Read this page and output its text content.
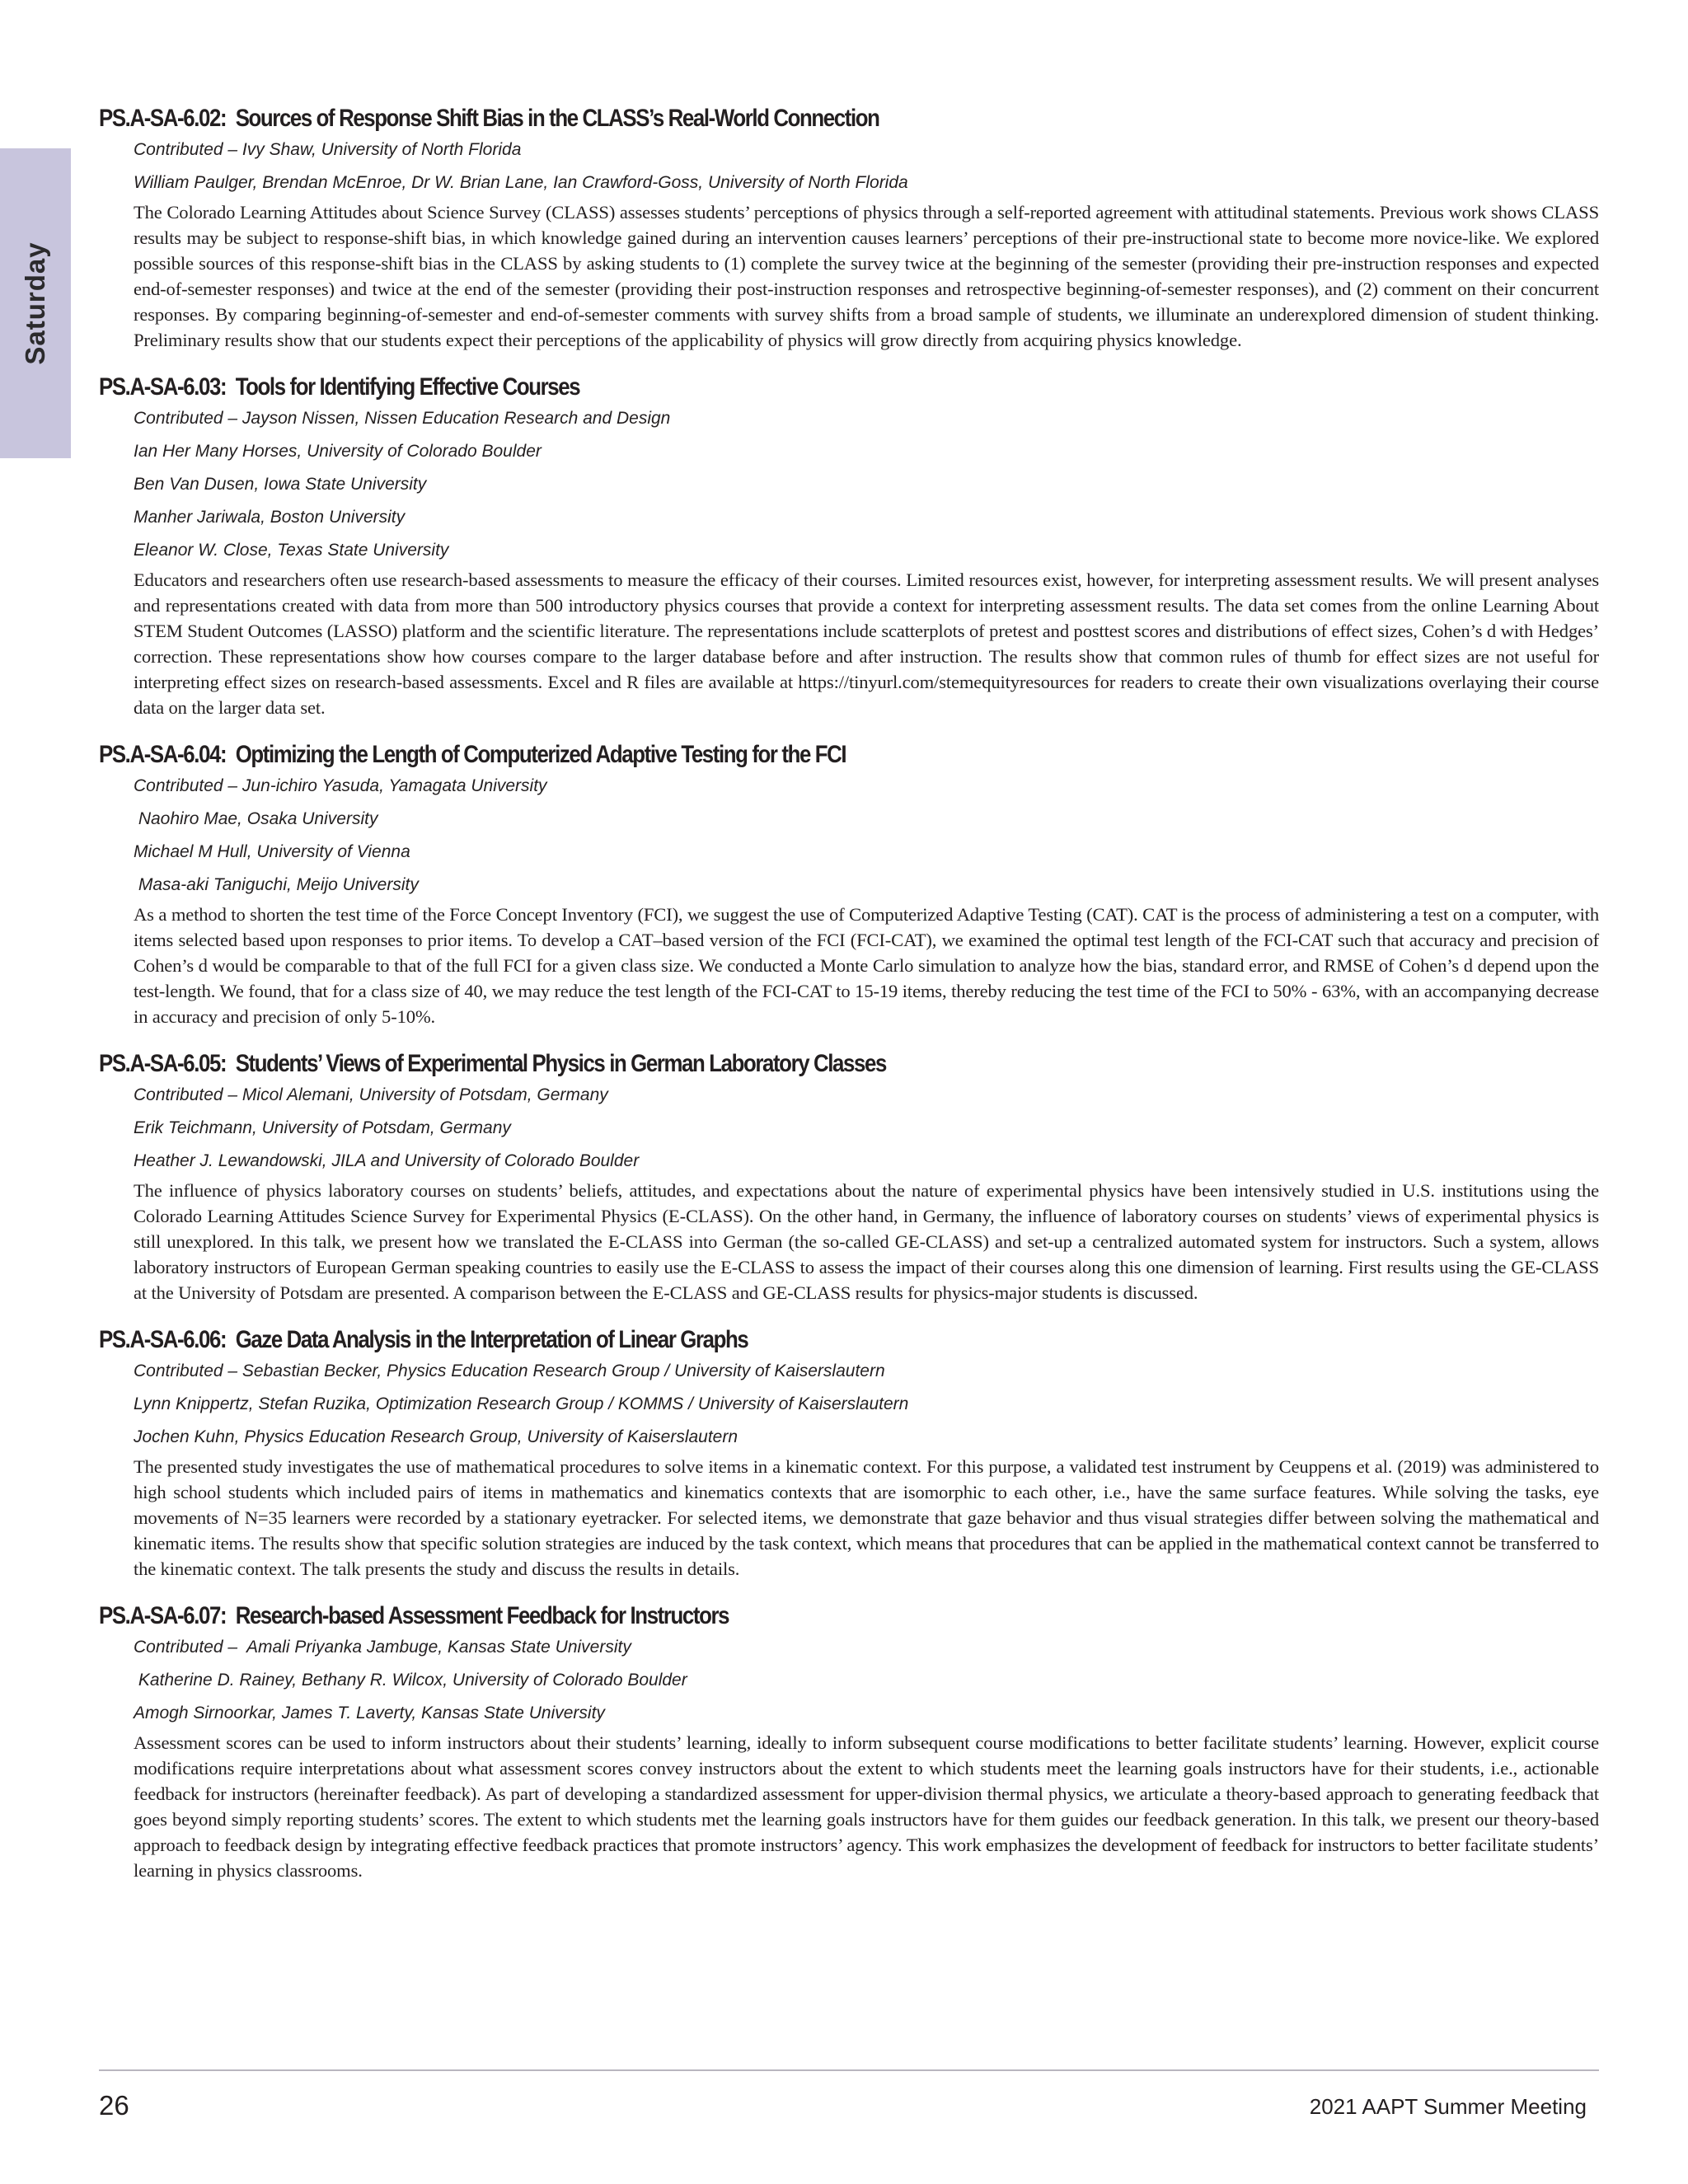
Saturday
PS.A-SA-6.02:  Sources of Response Shift Bias in the CLASS’s Real-World Connection
Contributed – Ivy Shaw, University of North Florida
William Paulger, Brendan McEnroe, Dr W. Brian Lane, Ian Crawford-Goss, University of North Florida

The Colorado Learning Attitudes about Science Survey (CLASS) assesses students’ perceptions of physics through a self-reported agreement with attitudinal statements. Previous work shows CLASS results may be subject to response-shift bias, in which knowledge gained during an intervention causes learners’ perceptions of their pre-instructional state to become more novice-like. We explored possible sources of this response-shift bias in the CLASS by asking students to (1) complete the survey twice at the beginning of the semester (providing their pre-instruction responses and expected end-of-semester responses) and twice at the end of the semester (providing their post-instruction responses and retrospective beginning-of-semester responses), and (2) comment on their concurrent responses. By comparing beginning-of-semester and end-of-semester comments with survey shifts from a broad sample of students, we illuminate an underexplored dimension of student thinking. Preliminary results show that our students expect their perceptions of the applicability of physics will grow directly from acquiring physics knowledge.

PS.A-SA-6.03:  Tools for Identifying Effective Courses
Contributed – Jayson Nissen, Nissen Education Research and Design
Ian Her Many Horses, University of Colorado Boulder
Ben Van Dusen, Iowa State University
Manher Jariwala, Boston University
Eleanor W. Close, Texas State University

Educators and researchers often use research-based assessments to measure the efficacy of their courses. Limited resources exist, however, for interpreting assessment results. We will present analyses and representations created with data from more than 500 introductory physics courses that provide a context for interpreting assessment results. The data set comes from the online Learning About STEM Student Outcomes (LASSO) platform and the scientific literature. The representations include scatterplots of pretest and posttest scores and distributions of effect sizes, Cohen’s d with Hedges’ correction. These representations show how courses compare to the larger database before and after instruction. The results show that common rules of thumb for effect sizes are not useful for interpreting effect sizes on research-based assessments. Excel and R files are available at https://tinyurl.com/stemequityresources for readers to create their own visualizations overlaying their course data on the larger data set.

PS.A-SA-6.04:  Optimizing the Length of Computerized Adaptive Testing for the FCI
Contributed – Jun-ichiro Yasuda, Yamagata University
Naohiro Mae, Osaka University
Michael M Hull, University of Vienna
Masa-aki Taniguchi, Meijo University

As a method to shorten the test time of the Force Concept Inventory (FCI), we suggest the use of Computerized Adaptive Testing (CAT). CAT is the process of administering a test on a computer, with items selected based upon responses to prior items. To develop a CAT–based version of the FCI (FCI-CAT), we examined the optimal test length of the FCI-CAT such that accuracy and precision of Cohen’s d would be comparable to that of the full FCI for a given class size. We conducted a Monte Carlo simulation to analyze how the bias, standard error, and RMSE of Cohen’s d depend upon the test-length. We found, that for a class size of 40, we may reduce the test length of the FCI-CAT to 15-19 items, thereby reducing the test time of the FCI to 50% - 63%, with an accompanying decrease in accuracy and precision of only 5-10%.

PS.A-SA-6.05:  Students’ Views of Experimental Physics in German Laboratory Classes
Contributed – Micol Alemani, University of Potsdam, Germany
Erik Teichmann, University of Potsdam, Germany
Heather J. Lewandowski, JILA and University of Colorado Boulder

The influence of physics laboratory courses on students’ beliefs, attitudes, and expectations about the nature of experimental physics have been intensively studied in U.S. institutions using the Colorado Learning Attitudes Science Survey for Experimental Physics (E-CLASS). On the other hand, in Germany, the influence of laboratory courses on students’ views of experimental physics is still unexplored. In this talk, we present how we translated the E-CLASS into German (the so-called GE-CLASS) and set-up a centralized automated system for instructors. Such a system, allows laboratory instructors of European German speaking countries to easily use the E-CLASS to assess the impact of their courses along this one dimension of learning. First results using the GE-CLASS at the University of Potsdam are presented. A comparison between the E-CLASS and GE-CLASS results for physics-major students is discussed.

PS.A-SA-6.06:  Gaze Data Analysis in the Interpretation of Linear Graphs
Contributed – Sebastian Becker, Physics Education Research Group / University of Kaiserslautern
Lynn Knippertz, Stefan Ruzika, Optimization Research Group / KOMMS / University of Kaiserslautern
Jochen Kuhn, Physics Education Research Group, University of Kaiserslautern

The presented study investigates the use of mathematical procedures to solve items in a kinematic context. For this purpose, a validated test instrument by Ceuppens et al. (2019) was administered to high school students which included pairs of items in mathematics and kinematics contexts that are isomorphic to each other, i.e., have the same surface features. While solving the tasks, eye movements of N=35 learners were recorded by a stationary eyetracker. For selected items, we demonstrate that gaze behavior and thus visual strategies differ between solving the mathematical and kinematic items. The results show that specific solution strategies are induced by the task context, which means that procedures that can be applied in the mathematical context cannot be transferred to the kinematic context. The talk presents the study and discuss the results in details.

PS.A-SA-6.07:  Research-based Assessment Feedback for Instructors
Contributed –  Amali Priyanka Jambuge, Kansas State University
Katherine D. Rainey, Bethany R. Wilcox, University of Colorado Boulder
Amogh Sirnoorkar, James T. Laverty, Kansas State University

Assessment scores can be used to inform instructors about their students’ learning, ideally to inform subsequent course modifications to better facilitate students’ learning. However, explicit course modifications require interpretations about what assessment scores convey instructors about the extent to which students meet the learning goals instructors have for their students, i.e., actionable feedback for instructors (hereinafter feedback). As part of developing a standardized assessment for upper-division thermal physics, we articulate a theory-based approach to generating feedback that goes beyond simply reporting students’ scores. The extent to which students met the learning goals instructors have for them guides our feedback generation. In this talk, we present our theory-based approach to feedback design by integrating effective feedback practices that promote instructors’ agency. This work emphasizes the development of feedback for instructors to better facilitate students’ learning in physics classrooms.

26	2021 AAPT Summer Meeting
